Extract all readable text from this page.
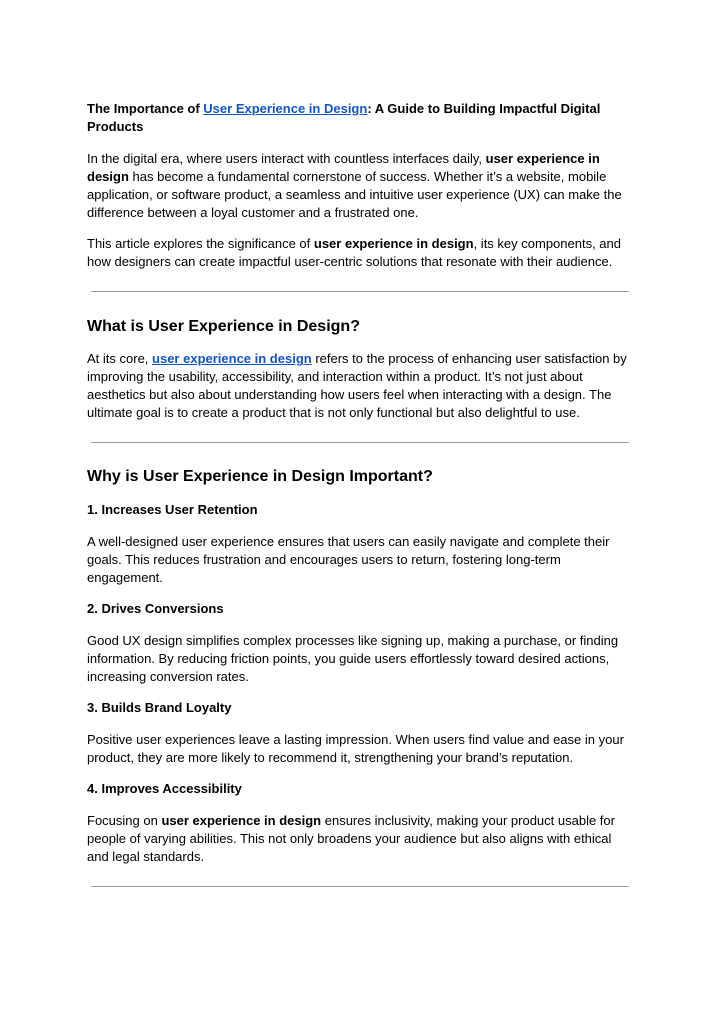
The Importance of User Experience in Design: A Guide to Building Impactful Digital Products

In the digital era, where users interact with countless interfaces daily, user experience in design has become a fundamental cornerstone of success. Whether it’s a website, mobile application, or software product, a seamless and intuitive user experience (UX) can make the difference between a loyal customer and a frustrated one.

This article explores the significance of user experience in design, its key components, and how designers can create impactful user-centric solutions that resonate with their audience.

What is User Experience in Design?

At its core, user experience in design refers to the process of enhancing user satisfaction by improving the usability, accessibility, and interaction within a product. It’s not just about aesthetics but also about understanding how users feel when interacting with a design. The ultimate goal is to create a product that is not only functional but also delightful to use.

Why is User Experience in Design Important?
1. Increases User Retention

A well-designed user experience ensures that users can easily navigate and complete their goals. This reduces frustration and encourages users to return, fostering long-term engagement.

2. Drives Conversions

Good UX design simplifies complex processes like signing up, making a purchase, or finding information. By reducing friction points, you guide users effortlessly toward desired actions, increasing conversion rates.

3. Builds Brand Loyalty

Positive user experiences leave a lasting impression. When users find value and ease in your product, they are more likely to recommend it, strengthening your brand’s reputation.

4. Improves Accessibility

Focusing on user experience in design ensures inclusivity, making your product usable for people of varying abilities. This not only broadens your audience but also aligns with ethical and legal standards.
